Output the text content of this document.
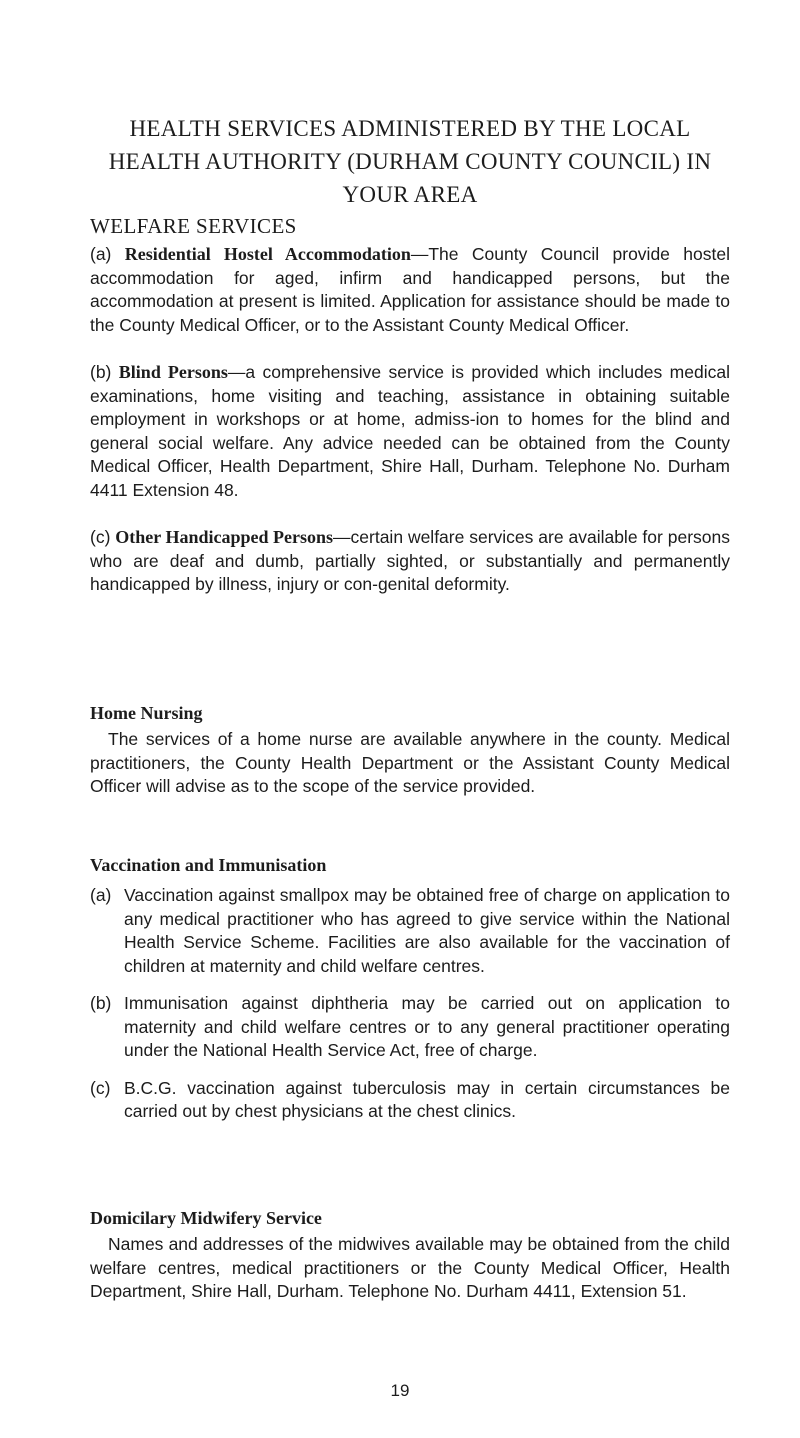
HEALTH SERVICES ADMINISTERED BY THE LOCAL HEALTH AUTHORITY (DURHAM COUNTY COUNCIL) IN YOUR AREA
WELFARE SERVICES

(a) Residential Hostel Accommodation—The County Council provide hostel accommodation for aged, infirm and handicapped persons, but the accommodation at present is limited. Application for assistance should be made to the County Medical Officer, or to the Assistant County Medical Officer.

(b) Blind Persons—a comprehensive service is provided which includes medical examinations, home visiting and teaching, assistance in obtaining suitable employment in workshops or at home, admiss-ion to homes for the blind and general social welfare. Any advice needed can be obtained from the County Medical Officer, Health Department, Shire Hall, Durham. Telephone No. Durham 4411 Extension 48.

(c) Other Handicapped Persons—certain welfare services are available for persons who are deaf and dumb, partially sighted, or substantially and permanently handicapped by illness, injury or con-genital deformity.

Home Nursing

The services of a home nurse are available anywhere in the county. Medical practitioners, the County Health Department or the Assistant County Medical Officer will advise as to the scope of the service provided.

Vaccination and Immunisation
(a) Vaccination against smallpox may be obtained free of charge on application to any medical practitioner who has agreed to give service within the National Health Service Scheme. Facilities are also available for the vaccination of children at maternity and child welfare centres.
(b) Immunisation against diphtheria may be carried out on application to maternity and child welfare centres or to any general practitioner operating under the National Health Service Act, free of charge.
(c) B.C.G. vaccination against tuberculosis may in certain circumstances be carried out by chest physicians at the chest clinics.
Domicilary Midwifery Service

Names and addresses of the midwives available may be obtained from the child welfare centres, medical practitioners or the County Medical Officer, Health Department, Shire Hall, Durham. Telephone No. Durham 4411, Extension 51.

19
